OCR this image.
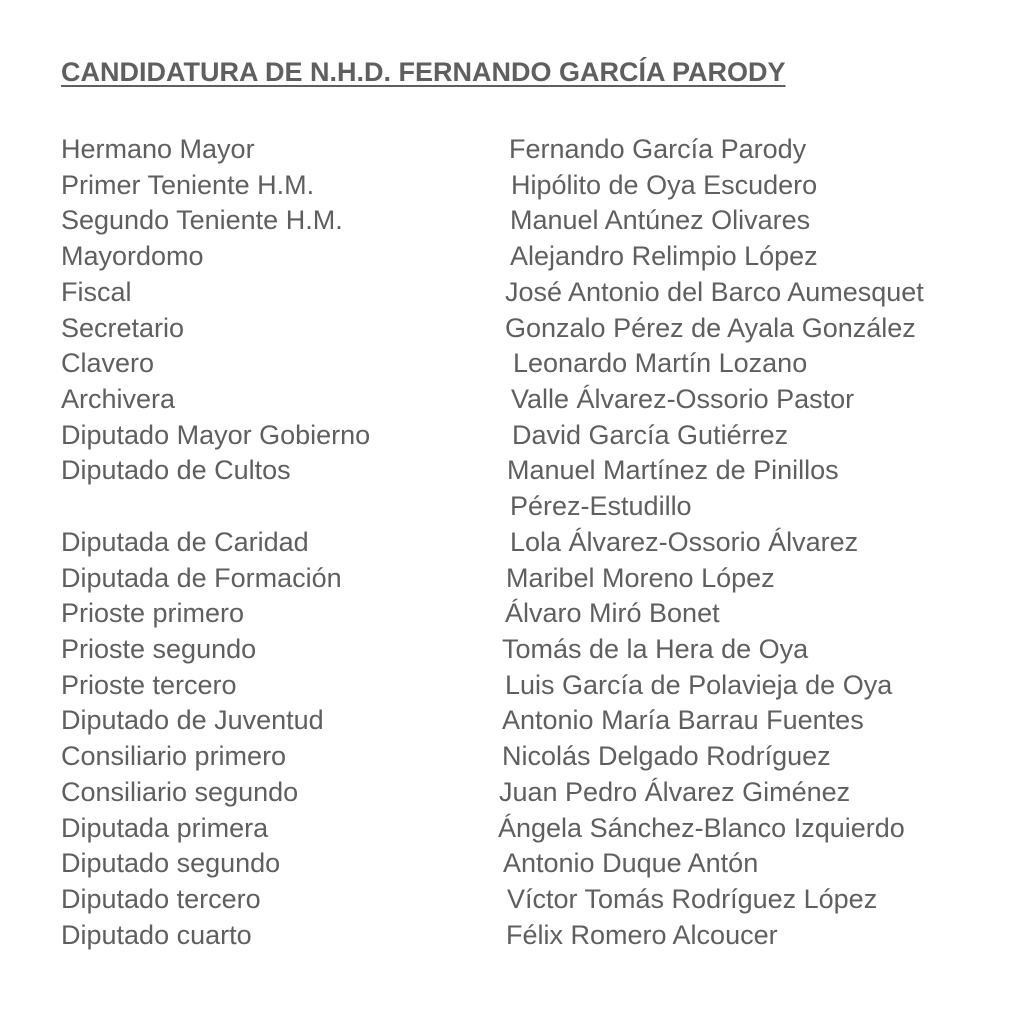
CANDIDATURA DE N.H.D. FERNANDO GARCÍA PARODY
Hermano Mayor	Fernando García Parody
Primer Teniente H.M.	Hipólito de Oya Escudero
Segundo Teniente H.M.	Manuel Antúnez Olivares
Mayordomo	Alejandro Relimpio López
Fiscal	José Antonio del Barco Aumesquet
Secretario	Gonzalo Pérez de Ayala González
Clavero	Leonardo Martín Lozano
Archivera	Valle Álvarez-Ossorio Pastor
Diputado Mayor Gobierno	David García Gutiérrez
Diputado de Cultos	Manuel Martínez de Pinillos
Pérez-Estudillo
Diputada de Caridad	Lola Álvarez-Ossorio Álvarez
Diputada de Formación	Maribel Moreno López
Prioste primero	Álvaro Miró Bonet
Prioste segundo	Tomás de la Hera de Oya
Prioste tercero	Luis García de Polavieja de Oya
Diputado de Juventud	Antonio María Barrau Fuentes
Consiliario primero	Nicolás Delgado Rodríguez
Consiliario segundo	Juan Pedro Álvarez Giménez
Diputada primera	Ángela Sánchez-Blanco Izquierdo
Diputado segundo	Antonio Duque Antón
Diputado tercero	Víctor Tomás Rodríguez López
Diputado cuarto	Félix Romero Alcoucer
